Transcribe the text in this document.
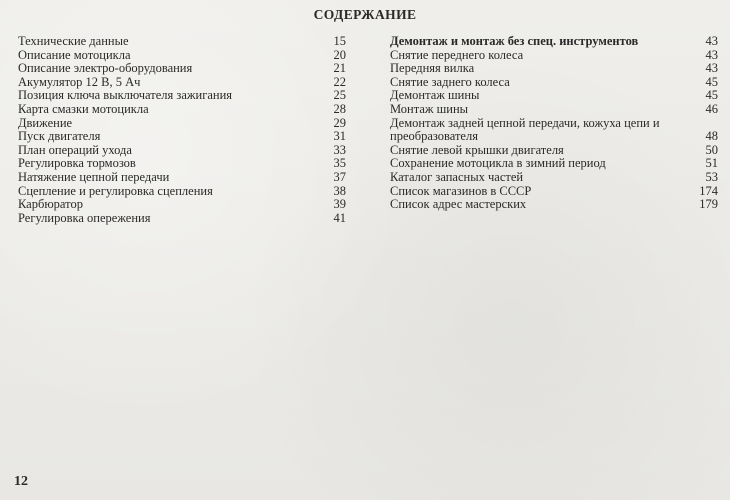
СОДЕРЖАНИЕ
Технические данные	15
Описание мотоцикла	20
Описание электро-оборудования	21
Акумулятор 12 В, 5 Ач	22
Позиция ключа выключателя зажигания	25
Карта смазки мотоцикла	28
Движение	29
Пуск двигателя	31
План операций ухода	33
Регулировка тормозов	35
Натяжение цепной передачи	37
Сцепление и регулировка сцепления	38
Карбюратор	39
Регулировка опережения	41
Демонтаж и монтаж без спец. инструментов	43
Снятие переднего колеса	43
Передняя вилка	43
Снятие заднего колеса	45
Демонтаж шины	45
Монтаж шины	46
Демонтаж задней цепной передачи, кожуха цепи и преобразователя	48
Снятие левой крышки двигателя	50
Сохранение мотоцикла в зимний период	51
Каталог запасных частей	53
Список магазинов в СССР	174
Список адрес мастерских	179
12
